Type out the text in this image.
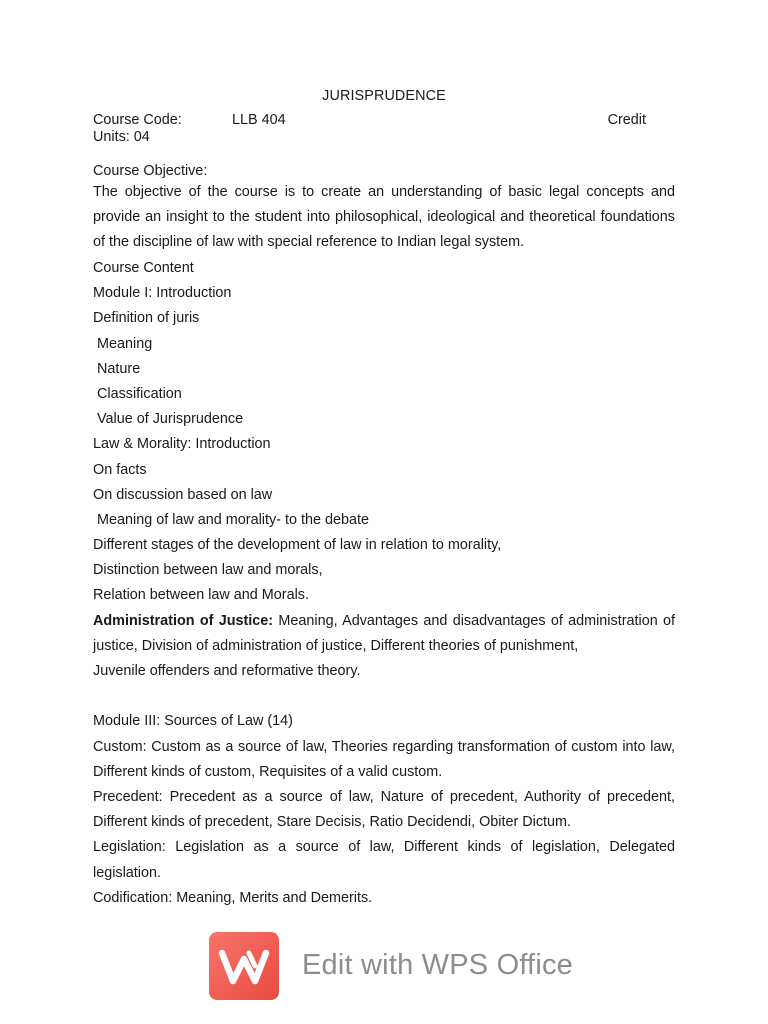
JURISPRUDENCE
Course Code:	LLB 404	Credit
Units: 04
Course Objective:
The objective of the course is to create an understanding of basic legal concepts and provide an insight to the student into philosophical, ideological and theoretical foundations of the discipline of law with special reference to Indian legal system.
Course Content
Module I: Introduction
Definition of juris
Meaning
Nature
Classification
Value of Jurisprudence
Law & Morality: Introduction
On facts
On discussion based on law
Meaning of law and morality- to the debate
Different stages of the development of law in relation to morality,
Distinction between law and morals,
Relation between law and Morals.
Administration of Justice: Meaning, Advantages and disadvantages of administration of justice, Division of administration of justice, Different theories of punishment,
Juvenile offenders and reformative theory.
Module III: Sources of Law (14)
Custom: Custom as a source of law, Theories regarding transformation of custom into law, Different kinds of custom, Requisites of a valid custom.
Precedent: Precedent as a source of law, Nature of precedent, Authority of precedent, Different kinds of precedent, Stare Decisis, Ratio Decidendi, Obiter Dictum.
Legislation: Legislation as a source of law, Different kinds of legislation, Delegated legislation.
Codification: Meaning, Merits and Demerits.
Edit with WPS Office
